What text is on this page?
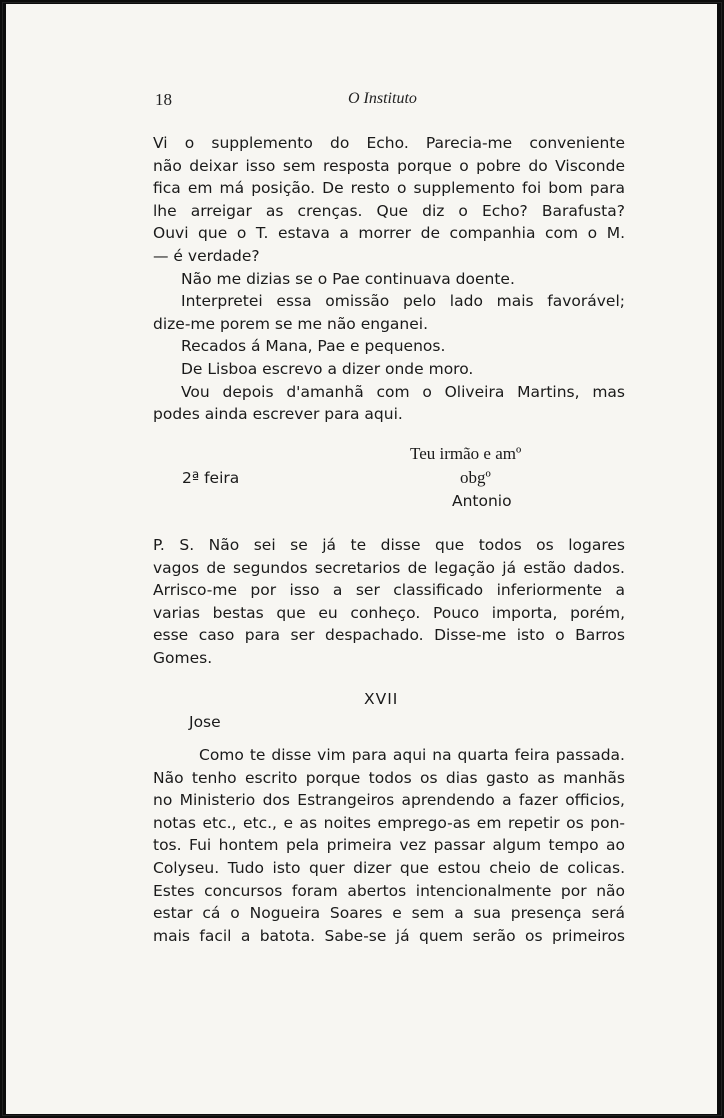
18	O Instituto
Vi o supplemento do Echo. Parecia-me conveniente
não deixar isso sem resposta porque o pobre do Visconde
fica em má posição. De resto o supplemento foi bom para
lhe arreigar as crenças. Que diz o Echo? Barafusta?
Ouvi que o T. estava a morrer de companhia com o M.
— é verdade?
Não me dizias se o Pae continuava doente.
Interpretei essa omissão pelo lado mais favorável;
dize-me porem se me não enganei.
Recados á Mana, Pae e pequenos.
De Lisboa escrevo a dizer onde moro.
Vou depois d'amanhã com o Oliveira Martins, mas
podes ainda escrever para aqui.
Teu irmão e amº
obgº
2ª feira
Antonio
P. S. Não sei se já te disse que todos os logares
vagos de segundos secretarios de legação já estão dados.
Arrisco-me por isso a ser classificado inferiormente a
varias bestas que eu conheço. Pouco importa, porém,
esse caso para ser despachado. Disse-me isto o Barros
Gomes.
XVII
Jose
Como te disse vim para aqui na quarta feira passada.
Não tenho escrito porque todos os dias gasto as manhãs
no Ministerio dos Estrangeiros aprendendo a fazer officios,
notas etc., etc., e as noites emprego-as em repetir os pon-
tos. Fui hontem pela primeira vez passar algum tempo ao
Colyseu. Tudo isto quer dizer que estou cheio de colicas.
Estes concursos foram abertos intencionalmente por não
estar cá o Nogueira Soares e sem a sua presença será
mais facil a batota. Sabe-se já quem serão os primeiros
